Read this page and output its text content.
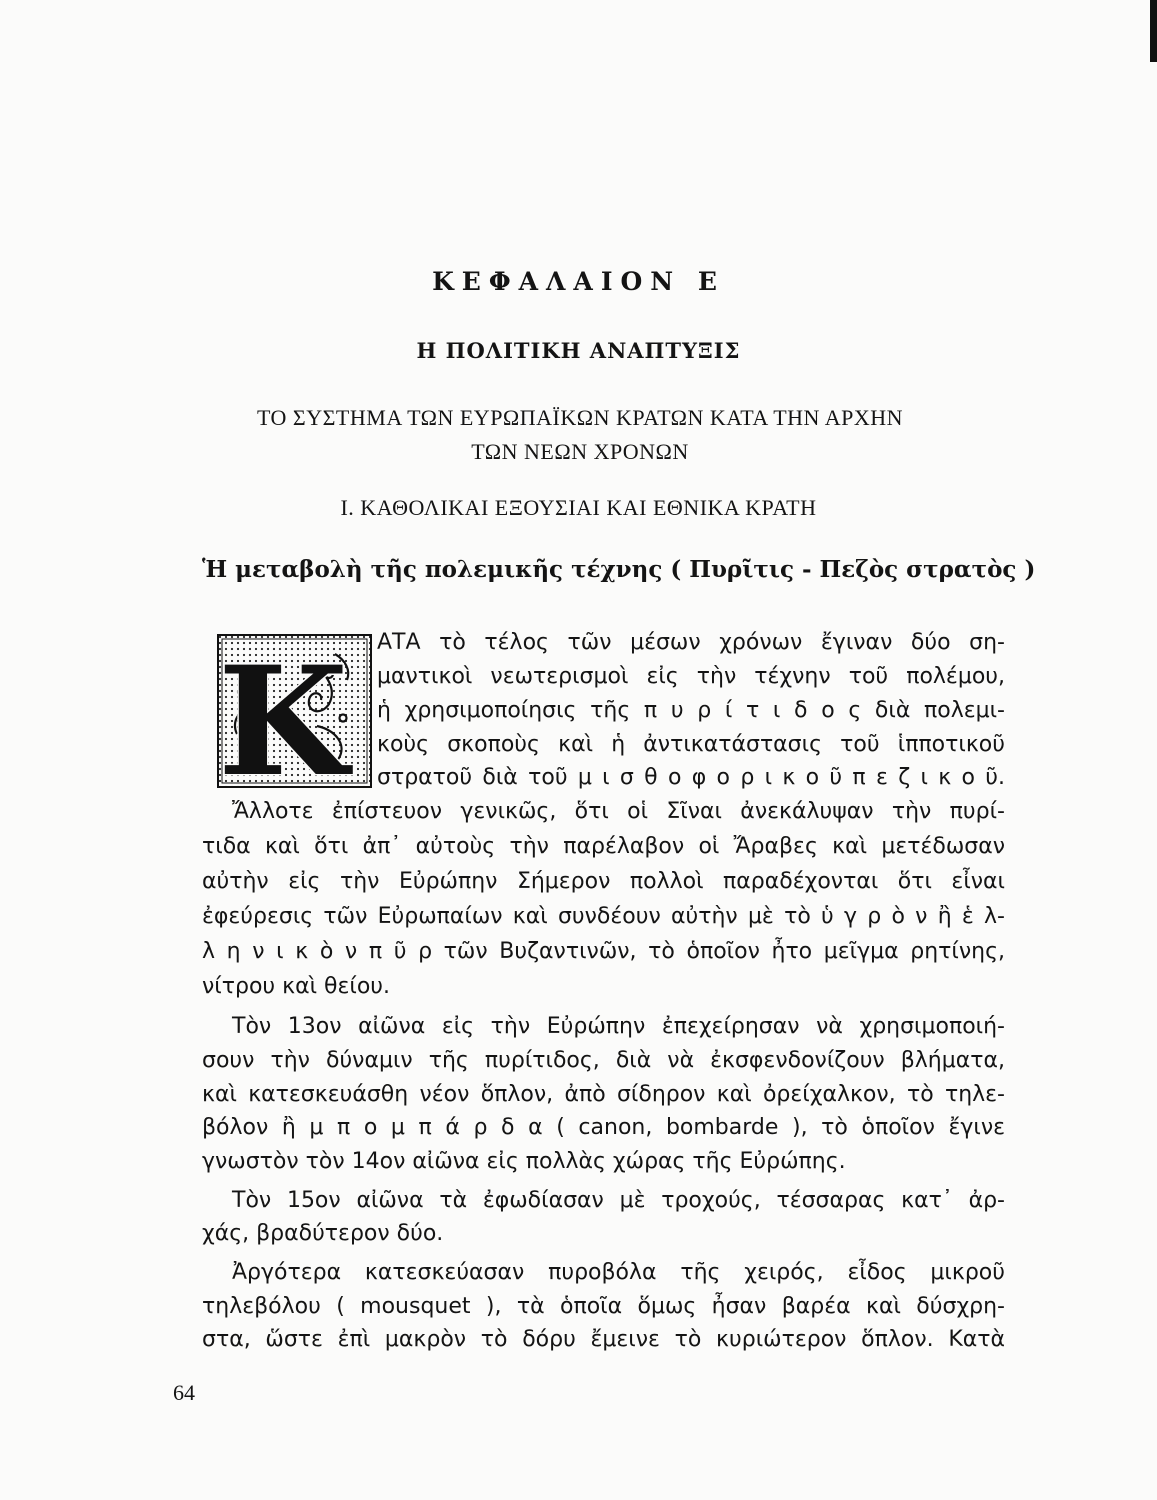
ΚΕΦΑΛΑΙΟΝ Ε
Η ΠΟΛΙΤΙΚΗ ΑΝΑΠΤΥΞΙΣ
ΤΟ ΣΥΣΤΗΜΑ ΤΩΝ ΕΥΡΩΠΑΪΚΩΝ ΚΡΑΤΩΝ ΚΑΤΑ ΤΗΝ ΑΡΧΗΝ
ΤΩΝ ΝΕΩΝ ΧΡΟΝΩΝ
Ι. ΚΑΘΟΛΙΚΑΙ ΕΞΟΥΣΙΑΙ ΚΑΙ ΕΘΝΙΚΑ ΚΡΑΤΗ
Ἡ μεταβολὴ τῆς πολεμικῆς τέχνης ( Πυρῖτις - Πεζὸς στρατὸς )
Κ ΑΤΑ τὸ τέλος τῶν μέσων χρόνων ἔγιναν δύο ση-
μαντικοὶ νεωτερισμοὶ εἰς τὴν τέχνην τοῦ πολέμου,
ἡ χρησιμοποίησις τῆς π υ ρ ί τ ι δ ο ς διὰ πολεμι-
κοὺς σκοποὺς καὶ ἡ ἀντικατάστασις τοῦ ἱπποτικοῦ
στρατοῦ διὰ τοῦ μ ι σ θ ο φ ο ρ ι κ ο ῦ π ε ζ ι κ ο ῦ.
Ἄλλοτε ἐπίστευον γενικῶς, ὅτι οἱ Σῖναι ἀνεκάλυψαν τὴν πυρί-
τιδα καὶ ὅτι ἀπ᾽ αὐτοὺς τὴν παρέλαβον οἱ Ἄραβες καὶ μετέδωσαν
αὐτὴν εἰς τὴν Εὐρώπην Σήμερον πολλοὶ παραδέχονται ὅτι εἶναι
ἐφεύρεσις τῶν Εὐρωπαίων καὶ συνδέουν αὐτὴν μὲ τὸ ὑ γ ρ ὸ ν ἢ ἑ λ-
λ η ν ι κ ὸ ν π ῦ ρ τῶν Βυζαντινῶν, τὸ ὁποῖον ἦτο μεῖγμα ρητίνης,
νίτρου καὶ θείου.
Τὸν 13ον αἰῶνα εἰς τὴν Εὐρώπην ἐπεχείρησαν νὰ χρησιμοποιή-
σουν τὴν δύναμιν τῆς πυρίτιδος, διὰ νὰ ἐκσφενδονίζουν βλήματα,
καὶ κατεσκευάσθη νέον ὅπλον, ἀπὸ σίδηρον καὶ ὀρείχαλκον, τὸ τηλε-
βόλον ἢ μ π ο μ π ά ρ δ α ( canon, bombarde ), τὸ ὁποῖον ἔγινε
γνωστὸν τὸν 14ον αἰῶνα εἰς πολλὰς χώρας τῆς Εὐρώπης.
Τὸν 15ον αἰῶνα τὰ ἐφωδίασαν μὲ τροχούς, τέσσαρας κατ᾽ ἀρ-
χάς, βραδύτερον δύο.
Ἀργότερα κατεσκεύασαν πυροβόλα τῆς χειρός, εἶδος μικροῦ
τηλεβόλου ( mousquet ), τὰ ὁποῖα ὅμως ἦσαν βαρέα καὶ δύσχρη-
στα, ὥστε ἐπὶ μακρὸν τὸ δόρυ ἔμεινε τὸ κυριώτερον ὅπλον. Κατὰ
64
